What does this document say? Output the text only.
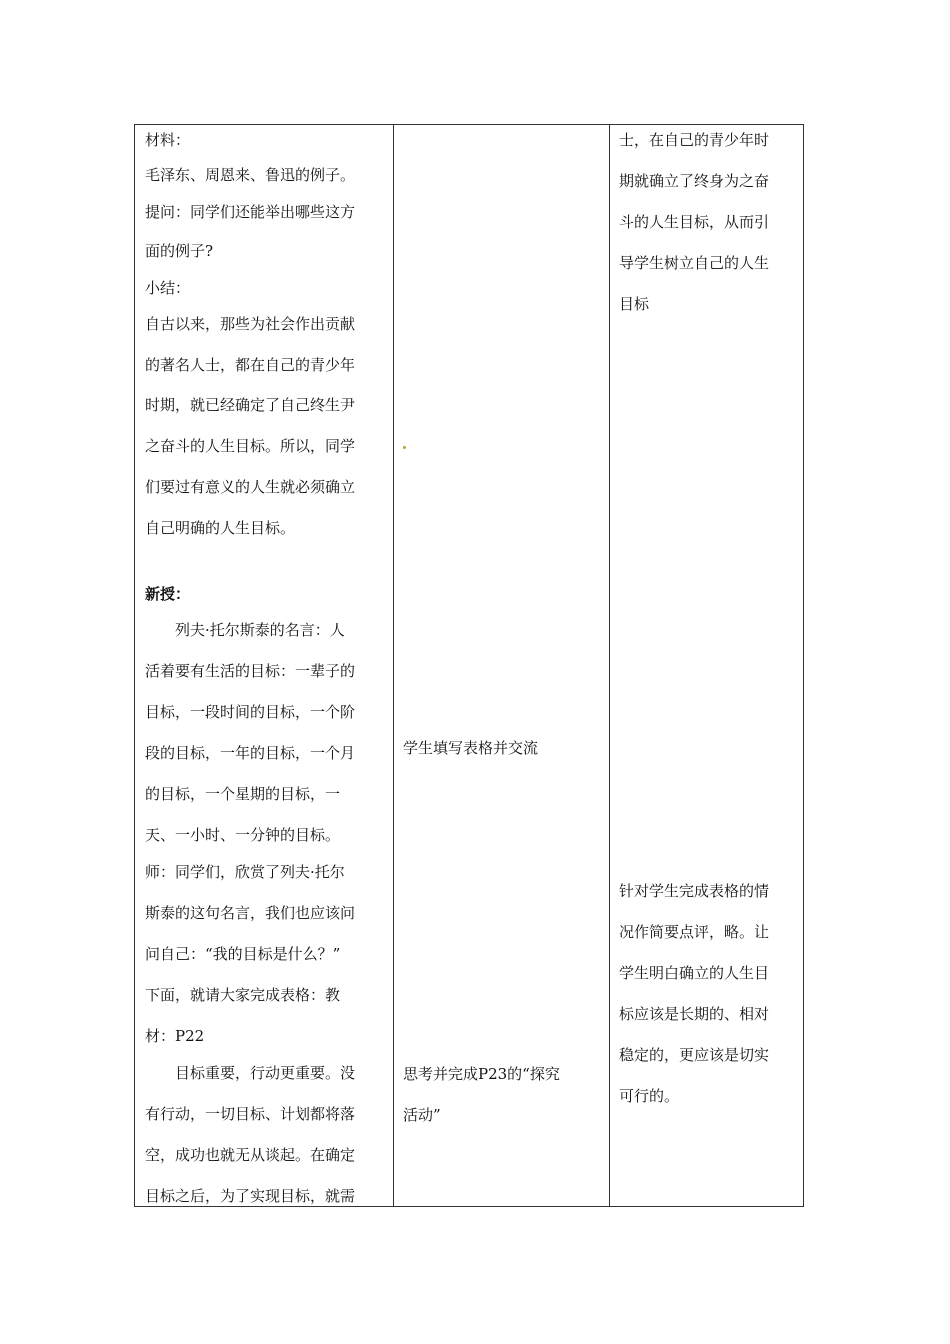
材料：
毛泽东、周恩来、鲁迅的例子。
提问：同学们还能举出哪些这方
面的例子?
小结：
自古以来，那些为社会作出贡献
的著名人士，都在自己的青少年
时期，就已经确定了自己终生尹
之奋斗的人生目标。所以，同学
们要过有意义的人生就必须确立
自己明确的人生目标。
新授：
　　列夫·托尔斯泰的名言：人
活着要有生活的目标：一辈子的
目标，一段时间的目标，一个阶
段的目标，一年的目标，一个月
的目标，一个星期的目标，一
天、一小时、一分钟的目标。
师：同学们，欣赏了列夫·托尔
斯泰的这句名言，我们也应该问
问自己：“我的目标是什么？”
下面，就请大家完成表格：教
材：P22
　　目标重要，行动更重要。没
有行动，一切目标、计划都将落
空，成功也就无从谈起。在确定
目标之后，为了实现目标，就需
学生填写表格并交流
思考并完成P23的“探究
活动”
士，在自己的青少年时
期就确立了终身为之奋
斗的人生目标，从而引
导学生树立自己的人生
目标
针对学生完成表格的情
况作简要点评，略。让
学生明白确立的人生目
标应该是长期的、相对
稳定的，更应该是切实
可行的。
